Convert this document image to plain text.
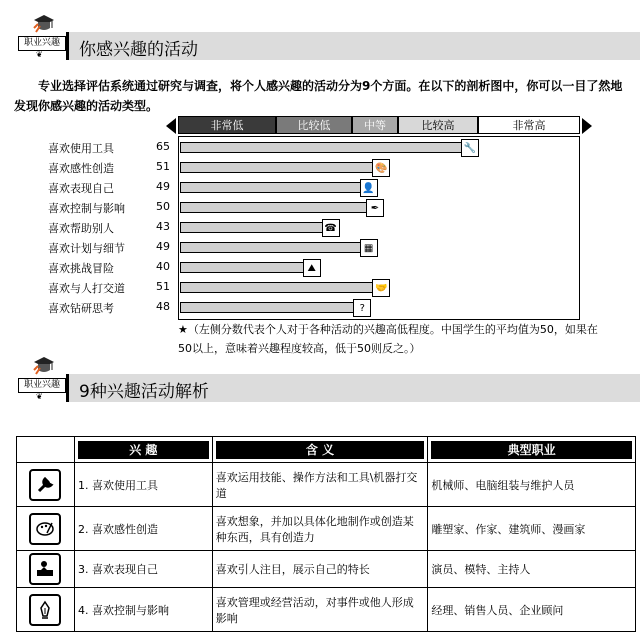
职业兴趣
❦ 你感兴趣的活动
专业选择评估系统通过研究与调查，将个人感兴趣的活动分为9个方面。在以下的剖析图中，你可以一目了然地发现你感兴趣的活动类型。
非常低	比较低	中等	比较高	非常高
喜欢使用工具	65	🔧
喜欢感性创造	51	🎨
喜欢表现自己	49	👤
喜欢控制与影响	50	✒
喜欢帮助别人	43	☎
喜欢计划与细节	49	▦
喜欢挑战冒险	40	⛰
喜欢与人打交道	51	🤝
喜欢钻研思考	48	?
★（左侧分数代表个人对于各种活动的兴趣高低程度。中国学生的平均值为50，如果在50以上，意味着兴趣程度较高，低于50则反之。）
职业兴趣
❦ 9种兴趣活动解析

	兴 趣	含 义	典型职业

	1. 喜欢使用工具	喜欢运用技能、操作方法和工具\机器打交道	机械师、电脑组装与维护人员

	2. 喜欢感性创造	喜欢想象，并加以具体化地制作或创造某种东西，具有创造力	雕塑家、作家、建筑师、漫画家

	3. 喜欢表现自己	喜欢引人注目，展示自己的特长	演员、模特、主持人

	4. 喜欢控制与影响	喜欢管理或经营活动，对事件或他人形成影响	经理、销售人员、企业顾问
